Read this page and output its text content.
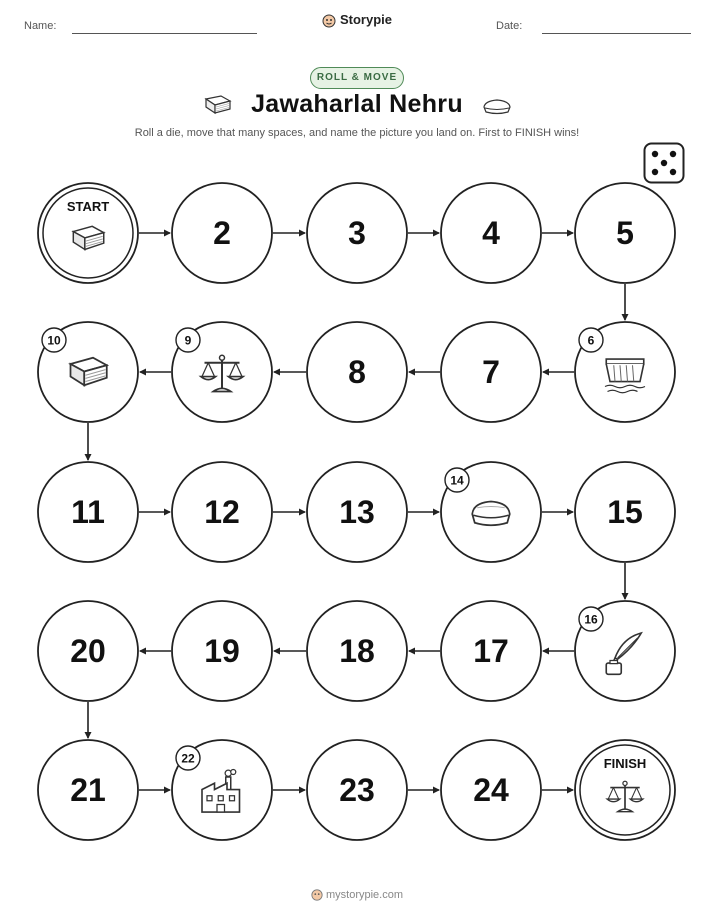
Name:	Storypie	Date:
ROLL & MOVE
Jawaharlal Nehru
Roll a die, move that many spaces, and name the picture you land on. First to FINISH wins!
START
2	3	4	5
6
7
8
9
10
11	12	13
14
15
16
17
18
19
20
21
22
23	24
FINISH
mystorypie.com
